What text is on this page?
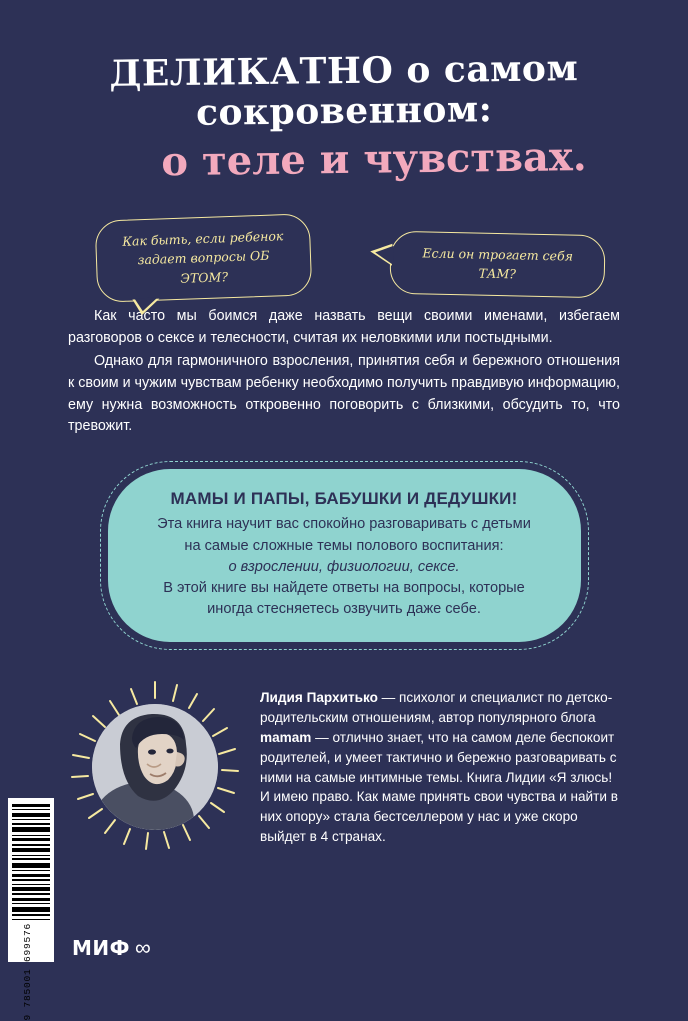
ДЕЛИКАТНО о самом сокровенном:
о теле и чувствах.
Как быть, если ребенок задает вопросы ОБ ЭТОМ?
Если он трогает себя ТАМ?

Как часто мы боимся даже назвать вещи своими именами, избегаем разговоров о сексе и телесности, считая их неловкими или постыдными.

Однако для гармоничного взросления, принятия себя и бережного отношения к своим и чужим чувствам ребенку необходимо получить правдивую информацию, ему нужна возможность откровенно поговорить с близкими, обсудить то, что тревожит.

МАМЫ И ПАПЫ, БАБУШКИ И ДЕДУШКИ!
Эта книга научит вас спокойно разговаривать с детьми
на самые сложные темы полового воспитания:
о взрослении, физиологии, сексе.
В этой книге вы найдете ответы на вопросы, которые
иногда стесняетесь озвучить даже себе.
Лидия Пархитько — психолог и специалист по детско-родительским отношениям, автор популярного блога mamam — отлично знает, что на самом деле беспокоит родителей, и умеет тактично и бережно разговаривать с ними на самые интимные темы. Книга Лидии «Я злюсь! И имею право. Как маме принять свои чувства и найти в них опору» стала бестселлером у нас и уже скоро выйдет в 4 странах.
9 785001 699576 МИФ ∞
